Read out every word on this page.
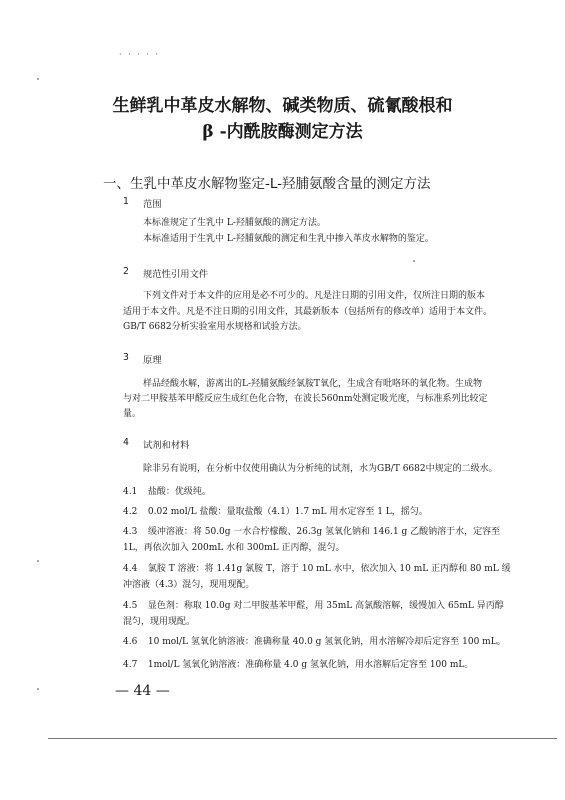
· · · · ·
生鲜乳中革皮水解物、碱类物质、硫氰酸根和
β -内酰胺酶测定方法
一、生乳中革皮水解物鉴定-L-羟脯氨酸含量的测定方法
1 范围
本标准规定了生乳中 L-羟脯氨酸的测定方法。
本标准适用于生乳中 L-羟脯氨酸的测定和生乳中掺入革皮水解物的鉴定。
2 规范性引用文件
下列文件对于本文件的应用是必不可少的。凡是注日期的引用文件，仅所注日期的版本
适用于本文件。凡是不注日期的引用文件，其最新版本（包括所有的修改单）适用于本文件。
GB/T 6682分析实验室用水规格和试验方法。
3 原理
样品经酸水解，游离出的L-羟脯氨酸经氯胺T氧化，生成含有吡咯环的氧化物。生成物
与对二甲胺基苯甲醛反应生成红色化合物，在波长560nm处测定吸光度，与标准系列比较定
量。
4 试剂和材料
除非另有说明，在分析中仅使用确认为分析纯的试剂，水为GB/T 6682中规定的二级水。
4.1 盐酸：优级纯。
4.2 0.02 mol/L 盐酸：量取盐酸（4.1）1.7 mL 用水定容至 1 L，摇匀。
4.3 缓冲溶液：将 50.0g 一水合柠檬酸、26.3g 氢氧化钠和 146.1 g 乙酸钠溶于水，定容至
1L，再依次加入 200mL 水和 300mL 正丙醇，混匀。
4.4 氯胺 T 溶液：将 1.41g 氯胺 T，溶于 10 mL 水中，依次加入 10 mL 正丙醇和 80 mL 缓
冲溶液（4.3）混匀，现用现配。
4.5 显色剂：称取 10.0g 对二甲胺基苯甲醛，用 35mL 高氯酸溶解，缓慢加入 65mL 异丙醇
混匀，现用现配。
4.6 10 mol/L 氢氧化钠溶液：准确称量 40.0 g 氢氧化钠，用水溶解冷却后定容至 100 mL。
4.7 1mol/L 氢氧化钠溶液：准确称量 4.0 g 氢氧化钠，用水溶解后定容至 100 mL。
— 44 —
